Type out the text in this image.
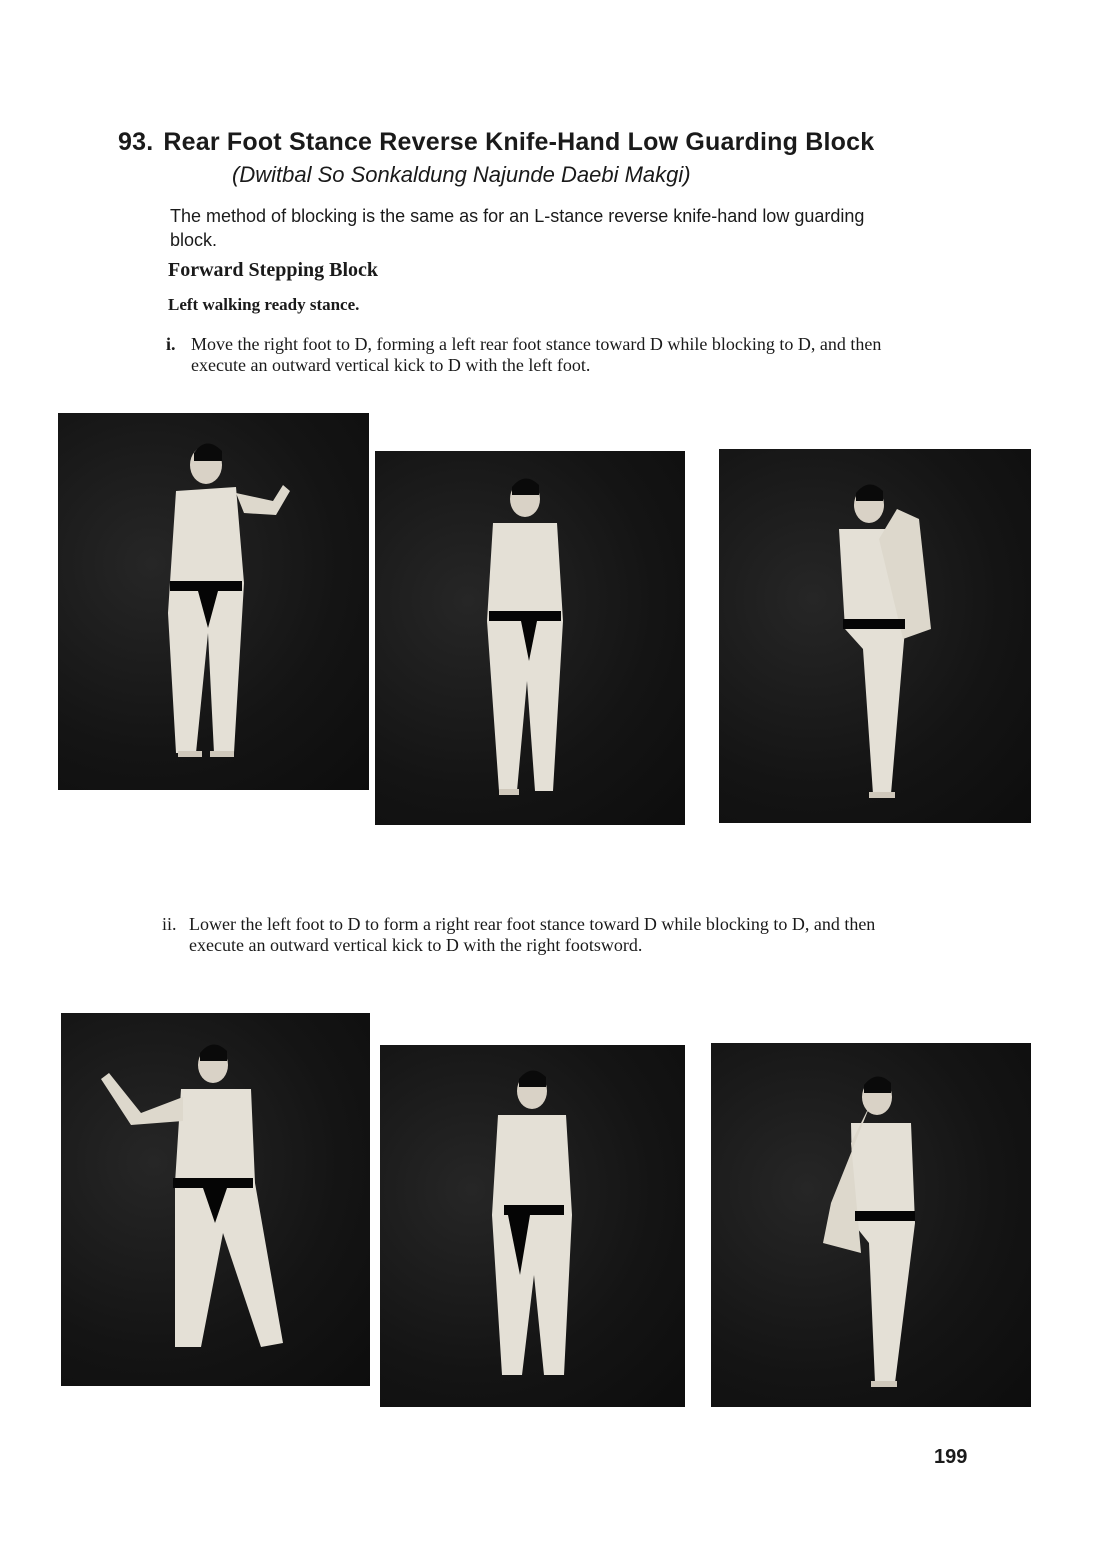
93. Rear Foot Stance Reverse Knife-Hand Low Guarding Block
(Dwitbal So Sonkaldung Najunde Daebi Makgi)
The method of blocking is the same as for an L-stance reverse knife-hand low guarding block.
Forward Stepping Block
Left walking ready stance.
i. Move the right foot to D, forming a left rear foot stance toward D while blocking to D, and then execute an outward vertical kick to D with the left foot.
ii. Lower the left foot to D to form a right rear foot stance toward D while blocking to D, and then execute an outward vertical kick to D with the right footsword.
199
